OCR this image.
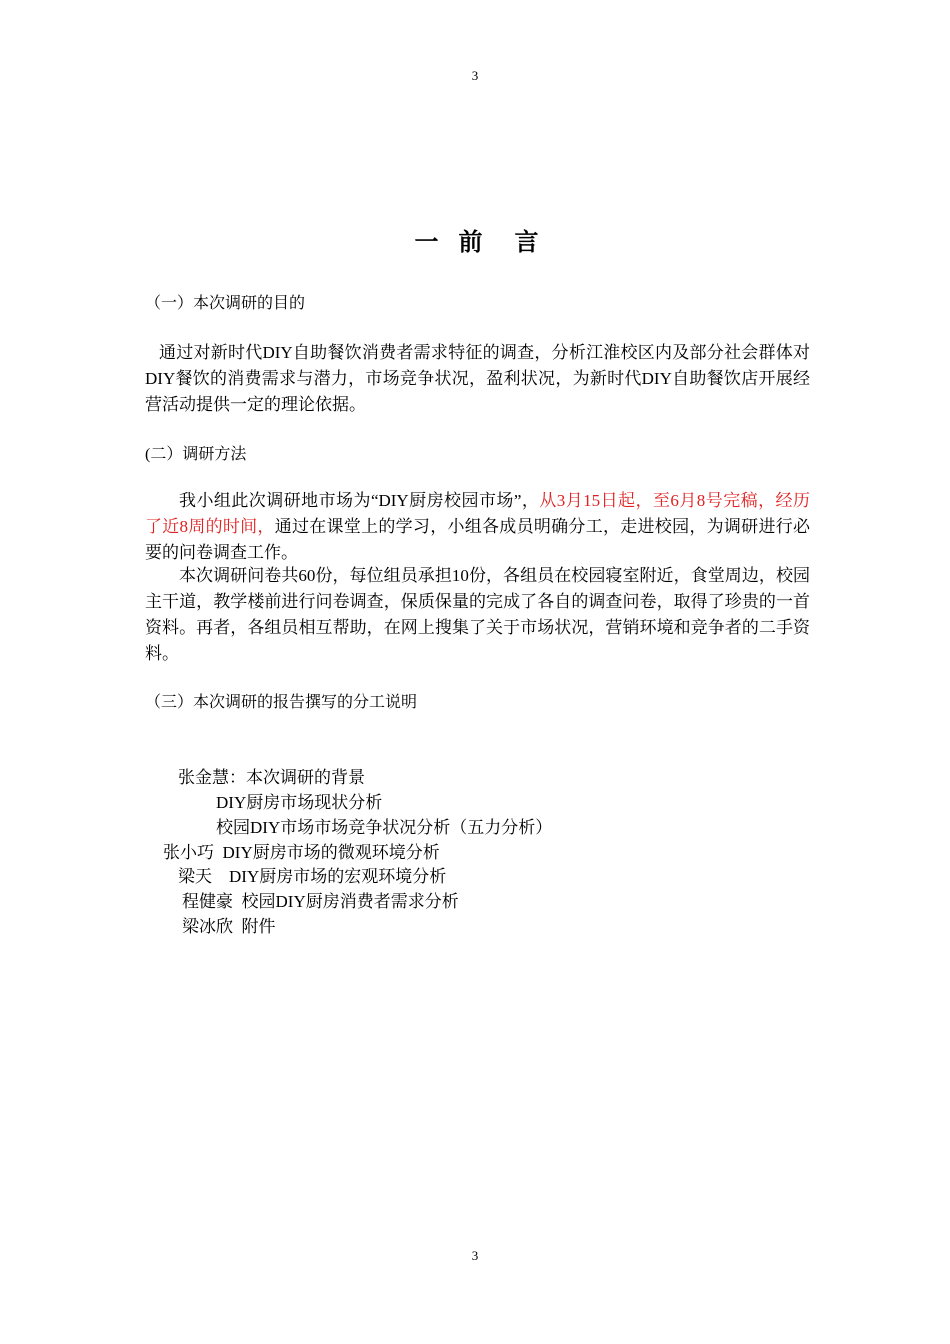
3
一 前 言
（一）本次调研的目的
通过对新时代DIY自助餐饮消费者需求特征的调查，分析江淮校区内及部分社会群体对DIY餐饮的消费需求与潜力，市场竞争状况，盈利状况，为新时代DIY自助餐饮店开展经营活动提供一定的理论依据。
(二）调研方法
我小组此次调研地市场为“DIY厨房校园市场”，从3月15日起，至6月8号完稿，经历了近8周的时间，通过在课堂上的学习，小组各成员明确分工，走进校园，为调研进行必要的问卷调查工作。
本次调研问卷共60份，每位组员承担10份，各组员在校园寝室附近，食堂周边，校园主干道，教学楼前进行问卷调查，保质保量的完成了各自的调查问卷，取得了珍贵的一首资料。再者，各组员相互帮助，在网上搜集了关于市场状况，营销环境和竞争者的二手资料。
（三）本次调研的报告撰写的分工说明
张金慧：本次调研的背景
DIY厨房市场现状分析
校园DIY市场市场竞争状况分析（五力分析）
张小巧  DIY厨房市场的微观环境分析
梁天    DIY厨房市场的宏观环境分析
程健豪  校园DIY厨房消费者需求分析
梁冰欣  附件
3
